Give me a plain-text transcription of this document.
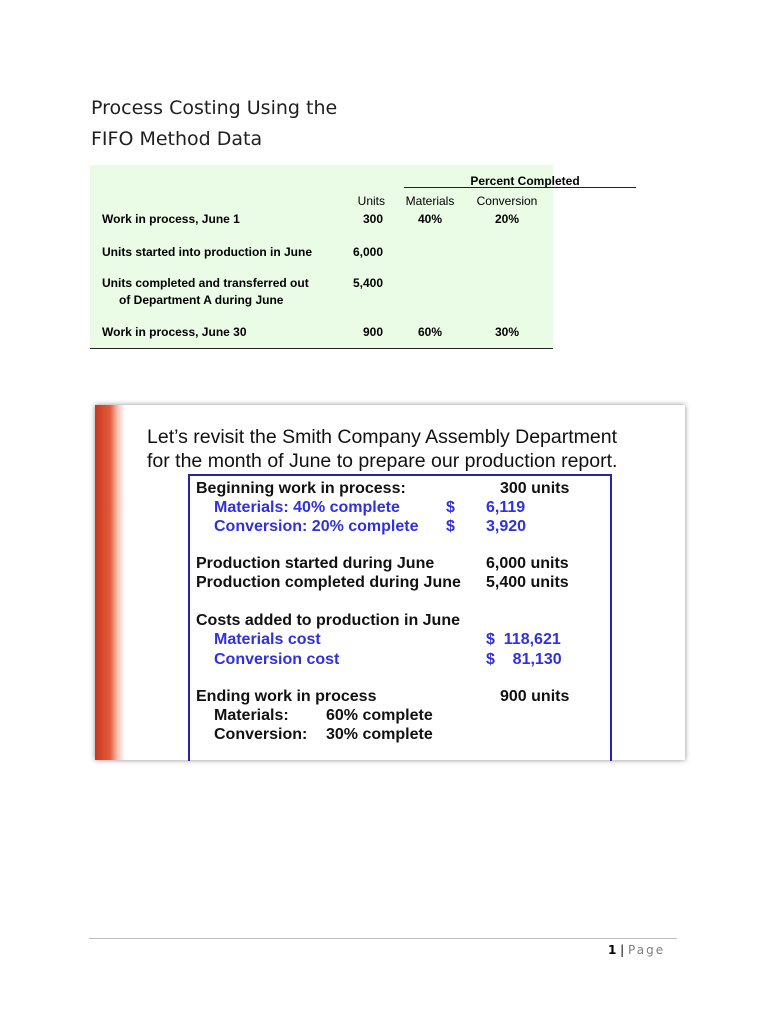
Process Costing Using the
FIFO Method Data
Percent Completed
Units	Materials	Conversion
Work in process, June 1	300	40%	20%
Units started into production in June	6,000
Units completed and transferred out
of Department A during June
5,400
Work in process, June 30	900	60%	30%
Let’s revisit the Smith Company Assembly Department
for the month of June to prepare our production report.
Beginning work in process:	300 units
Materials: 40% complete	$ 6,119
Conversion: 20% complete $ 3,920
Production started during June	6,000 units
Production completed during June 5,400 units
Costs added to production in June
Materials cost	$  118,621
Conversion cost	$    81,130
Ending work in process	900 units
Materials: 60% complete
Conversion: 30% complete
1 | Page
